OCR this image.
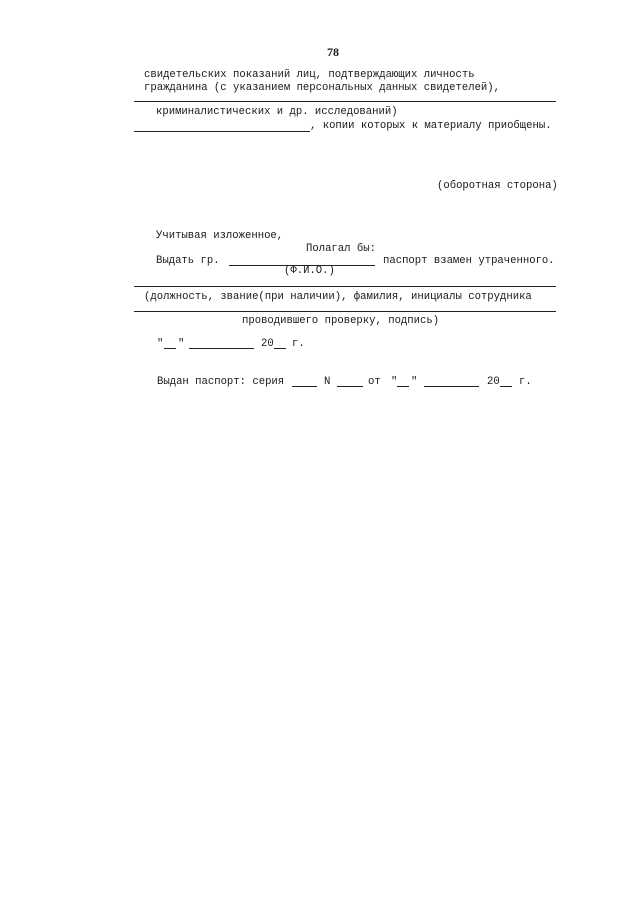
78
свидетельских показаний лиц, подтверждающих личность
гражданина (с указанием персональных данных свидетелей),
криминалистических и др. исследований)
, копии которых к материалу приобщены.
(оборотная сторона)
Учитывая изложенное,
Полагал бы:
Выдать гр.	паспорт взамен утраченного.
(Ф.И.О.)
(должность, звание(при наличии), фамилия, инициалы сотрудника
проводившего проверку, подпись)
" "	20 г.
Выдан паспорт: серия	N	от " "	20 г.
